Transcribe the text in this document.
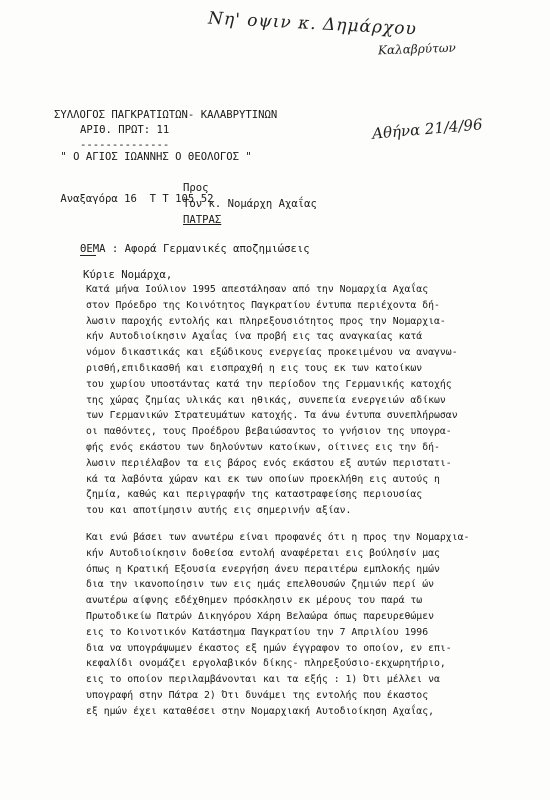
Νη' οψιν κ. Δημάρχου
Καλαβρύτων
Αθήνα 21/4/96

ΣΥΛΛΟΓΟΣ ΠΑΓΚΡΑΤΙΩΤΩΝ- ΚΑΛΑΒΡΥΤΙΝΩΝ

" Ο ΑΓΙΟΣ ΙΩΑΝΝΗΣ Ο ΘΕΟΛΟΓΟΣ "

Αναξαγόρα 16  Τ Τ 105 52

ΑΡΙΘ. ΠΡΩΤ: 11
--------------
Προς
Τον κ. Νομάρχη Αχαΐας
ΠΑΤΡΑΣ
ΘΕΜΑ : Αφορά Γερμανικές αποζημιώσεις
Κύριε Νομάρχα,
Κατά μήνα Ιούλιον 1995 απεστάλησαν από την Νομαρχία Αχαΐας
στον Πρόεδρο της Κοινότητος Παγκρατίου έντυπα περιέχοντα δή-
λωσιν παροχής εντολής και πληρεξουσιότητος προς την Νομαρχια-
κήν Αυτοδιοίκησιν Αχαΐας ίνα προβή εις τας αναγκαίας κατά
νόμον δικαστικάς και εξώδικους ενεργείας προκειμένου να αναγνω-
ρισθή,επιδικασθή και εισπραχθή η εις τους εκ των κατοίκων
του χωρίου υποστάντας κατά την περίοδον της Γερμανικής κατοχής
της χώρας ζημίας υλικάς και ηθικάς, συνεπεία ενεργειών αδίκων
των Γερμανικών Στρατευμάτων κατοχής. Τα άνω έντυπα συνεπλήρωσαν
οι παθόντες, τους Προέδρου βεβαιώσαντος το γνήσιον της υπογρα-
φής ενός εκάστου των δηλούντων κατοίκων, οίτινες εις την δή-
λωσιν περιέλαβον τα εις βάρος ενός εκάστου εξ αυτών περιστατι-
κά τα λαβόντα χώραν και εκ των οποίων προεκλήθη εις αυτούς η
ζημία, καθώς και περιγραφήν της καταστραφείσης περιουσίας
του και αποτίμησιν αυτής εις σημερινήν αξίαν.
Και ενώ βάσει των ανωτέρω είναι προφανές ότι η προς την Νομαρχια-
κήν Αυτοδιοίκησιν δοθείσα εντολή αναφέρεται εις βούλησίν μας
όπως η Κρατική Εξουσία ενεργήση άνευ περαιτέρω εμπλοκής ημών
δια την ικανοποίησιν των εις ημάς επελθουσών ζημιών περί ών
ανωτέρω αίφνης εδέχθημεν πρόσκλησιν εκ μέρους του παρά τω
Πρωτοδικείω Πατρών Δικηγόρου Χάρη Βελαώρα όπως παρευρεθώμεν
εις το Κοινοτικόν Κατάστημα Παγκρατίου την 7 Απριλίου 1996
δια να υπογράψωμεν έκαστος εξ ημών έγγραφον το οποίον, εν επι-
κεφαλίδι ονομάζει εργολαβικόν δίκης- πληρεξούσιο-εκχωρητήριο,
εις το οποίον περιλαμβάνονται και τα εξής : 1) Ότι μέλλει να
υπογραφή στην Πάτρα 2) Ότι δυνάμει της εντολής που έκαστος
εξ ημών έχει καταθέσει στην Νομαρχιακή Αυτοδιοίκηση Αχαΐας,
